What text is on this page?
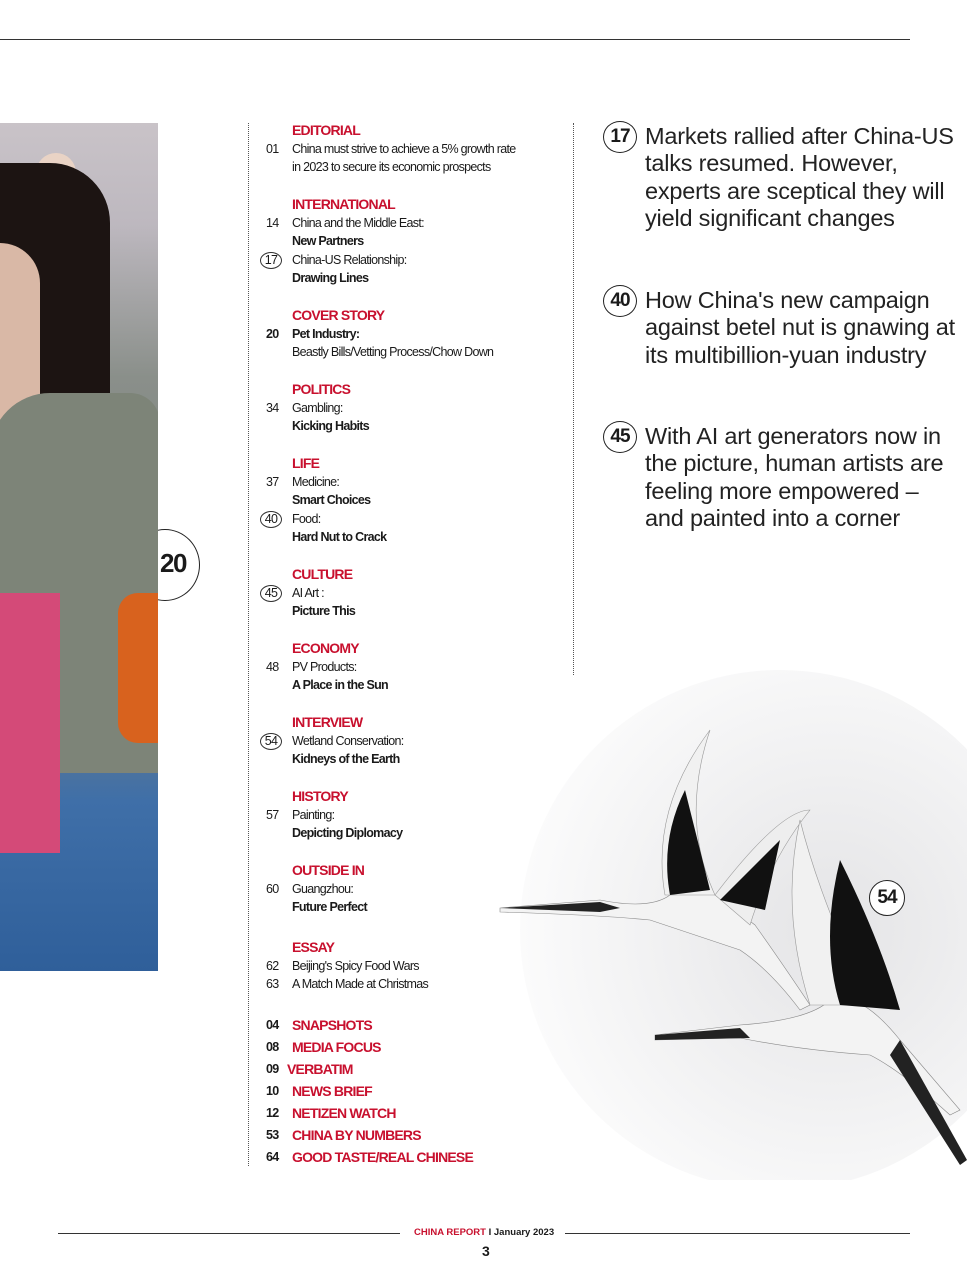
20
EDITORIAL
01 China must strive to achieve a 5% growth rate
in 2023 to secure its economic prospects
INTERNATIONAL
14 China and the Middle East:
New Partners
17	China-US Relationship:
Drawing Lines
COVER STORY
20 Pet Industry:
Beastly Bills/Vetting Process/Chow Down
POLITICS
34 Gambling:
Kicking Habits
LIFE
37 Medicine:
Smart Choices
40	Food:
Hard Nut to Crack
CULTURE
45	AI Art :
Picture This
ECONOMY
48 PV Products:
A Place in the Sun
INTERVIEW
54	Wetland Conservation:
Kidneys of the Earth
HISTORY
57 Painting:
Depicting Diplomacy
OUTSIDE IN
60 Guangzhou:
Future Perfect
ESSAY
62 Beijing's Spicy Food Wars
63 A Match Made at Christmas
04 SNAPSHOTS
08 MEDIA FOCUS
09 VERBATIM
10 NEWS BRIEF
12 NETIZEN WATCH
53 CHINA BY NUMBERS
64 GOOD TASTE/REAL CHINESE
17 Markets rallied after China-US talks resumed. However, experts are sceptical they will yield significant changes
40 How China's new campaign against betel nut is gnawing at its multibillion-yuan industry
45 With AI art generators now in the picture, human artists are feeling more empowered – and painted into a corner
54
CHINA REPORT I January 2023
3
